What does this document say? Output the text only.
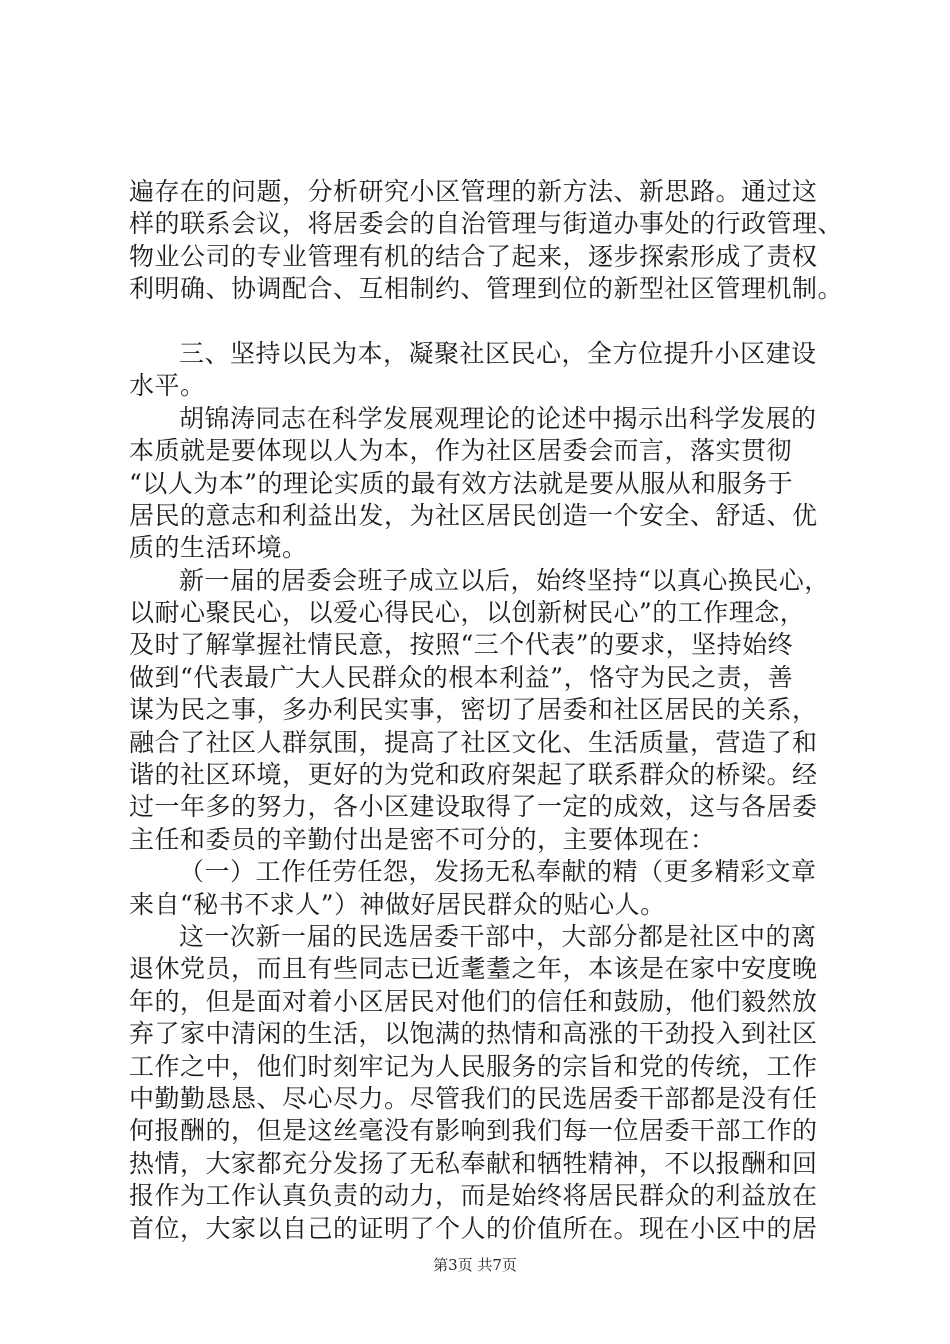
遍存在的问题，分析研究小区管理的新方法、新思路。通过这
样的联系会议，将居委会的自治管理与街道办事处的行政管理、
物业公司的专业管理有机的结合了起来，逐步探索形成了责权
利明确、协调配合、互相制约、管理到位的新型社区管理机制。
三、坚持以民为本，凝聚社区民心，全方位提升小区建设
水平。
胡锦涛同志在科学发展观理论的论述中揭示出科学发展的
本质就是要体现以人为本，作为社区居委会而言，落实贯彻
“以人为本”的理论实质的最有效方法就是要从服从和服务于
居民的意志和利益出发，为社区居民创造一个安全、舒适、优
质的生活环境。
新一届的居委会班子成立以后，始终坚持“以真心换民心，
以耐心聚民心，以爱心得民心，以创新树民心”的工作理念，
及时了解掌握社情民意，按照“三个代表”的要求，坚持始终
做到“代表最广大人民群众的根本利益”，恪守为民之责，善
谋为民之事，多办利民实事，密切了居委和社区居民的关系，
融合了社区人群氛围，提高了社区文化、生活质量，营造了和
谐的社区环境，更好的为党和政府架起了联系群众的桥梁。经
过一年多的努力，各小区建设取得了一定的成效，这与各居委
主任和委员的辛勤付出是密不可分的，主要体现在：
（一）工作任劳任怨，发扬无私奉献的精（更多精彩文章
来自“秘书不求人”）神做好居民群众的贴心人。
这一次新一届的民选居委干部中，大部分都是社区中的离
退休党员，而且有些同志已近耄耋之年，本该是在家中安度晚
年的，但是面对着小区居民对他们的信任和鼓励，他们毅然放
弃了家中清闲的生活，以饱满的热情和高涨的干劲投入到社区
工作之中，他们时刻牢记为人民服务的宗旨和党的传统，工作
中勤勤恳恳、尽心尽力。尽管我们的民选居委干部都是没有任
何报酬的，但是这丝毫没有影响到我们每一位居委干部工作的
热情，大家都充分发扬了无私奉献和牺牲精神，不以报酬和回
报作为工作认真负责的动力，而是始终将居民群众的利益放在
首位，大家以自己的证明了个人的价值所在。现在小区中的居
第3页 共7页
